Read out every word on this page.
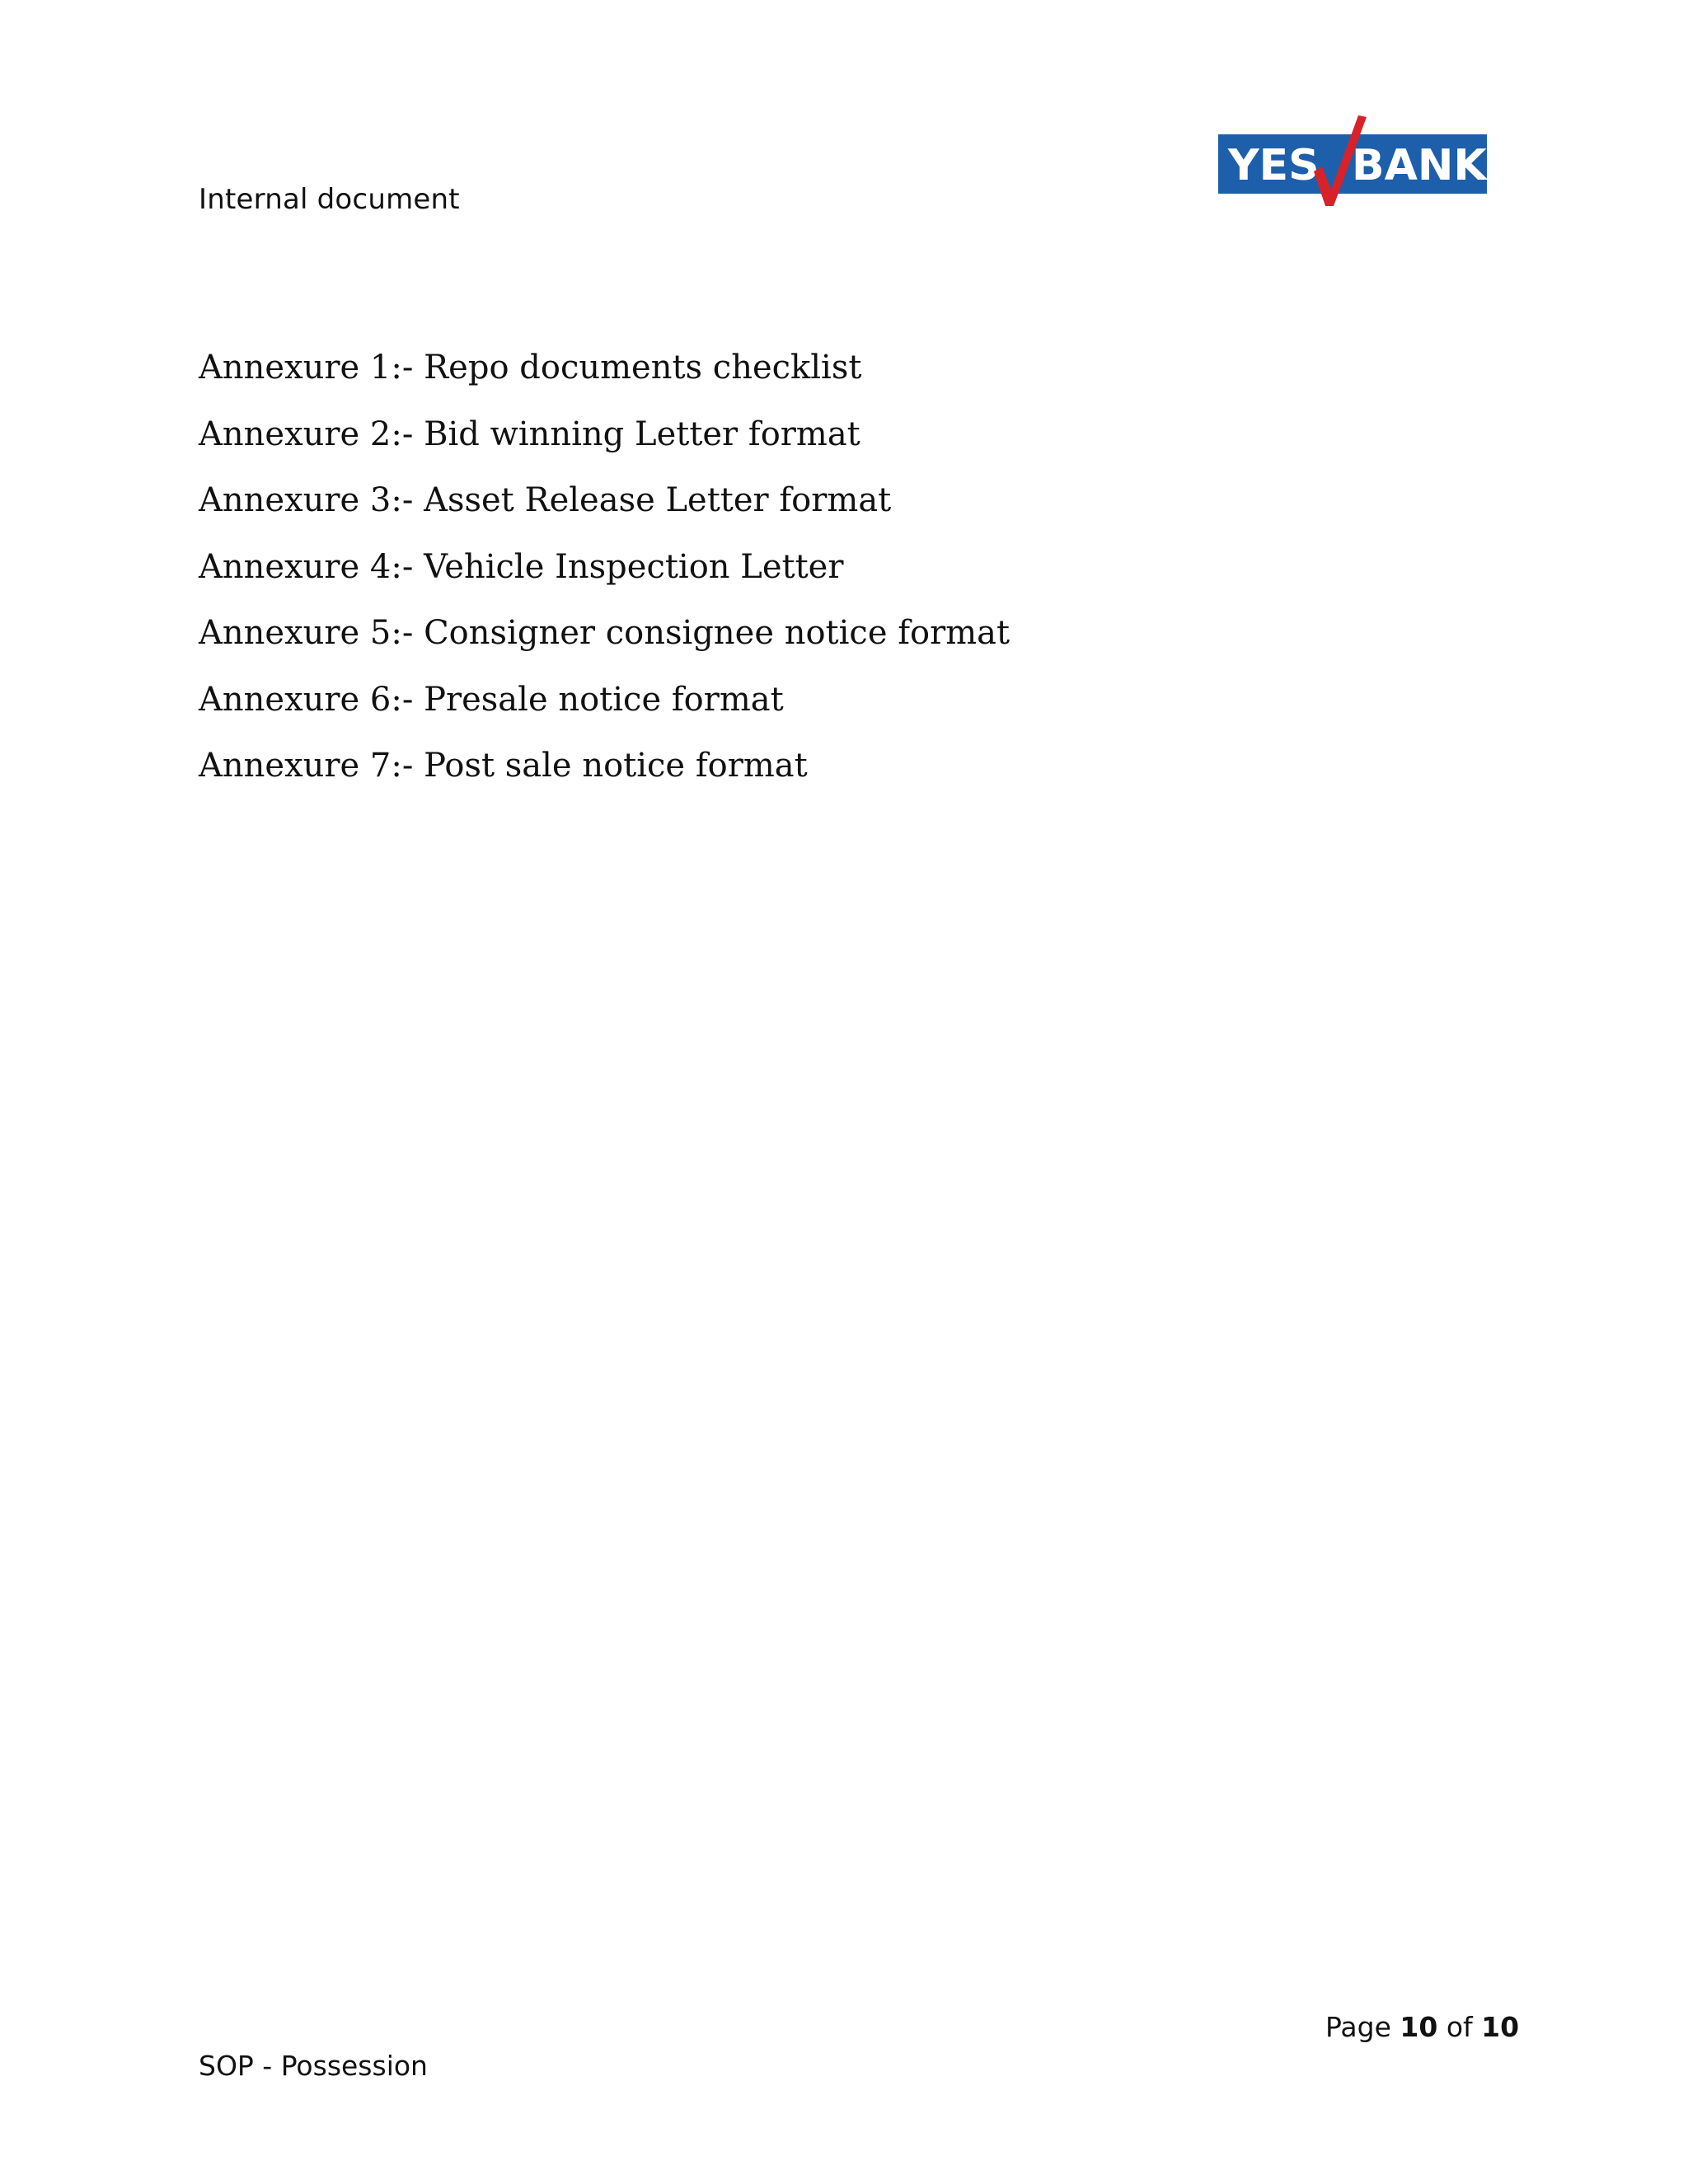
Internal document
YES BANK
Annexure 1:- Repo documents checklist
Annexure 2:- Bid winning Letter format
Annexure 3:- Asset Release Letter format
Annexure 4:- Vehicle Inspection Letter
Annexure 5:- Consigner consignee notice format
Annexure 6:- Presale notice format
Annexure 7:- Post sale notice format
Page 10 of 10
SOP - Possession
